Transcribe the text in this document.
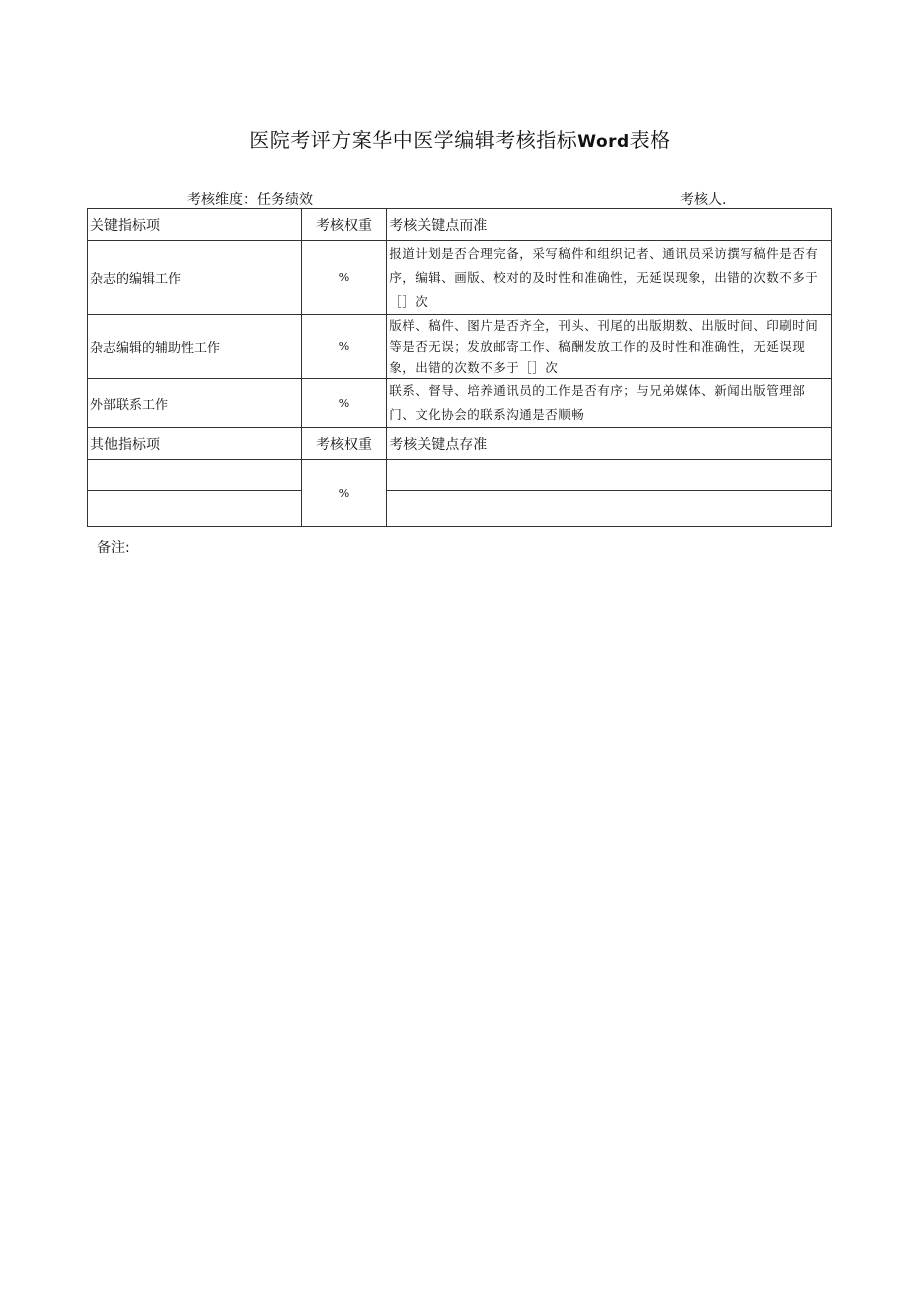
医院考评方案华中医学编辑考核指标Word表格
考核维度：任务绩效	考核人.
关键指标项	考核权重	考核关键点而准
杂志的编辑工作	%	报道计划是否合理完备，采写稿件和组织记者、通讯员采访撰写稿件是否有序，编辑、画版、校对的及时性和准确性，无延误现象，出错的次数不多于［］次
杂志编辑的辅助性工作	%	版样、稿件、图片是否齐全，刊头、刊尾的出版期数、出版时间、印刷时间等是否无误；发放邮寄工作、稿酬发放工作的及时性和准确性，无延误现象，出错的次数不多于［］次
外部联系工作	%	联系、督导、培养通讯员的工作是否有序；与兄弟媒体、新闻出版管理部门、文化协会的联系沟通是否顺畅
其他指标项	考核权重	考核关键点存准
	%	

备注:
